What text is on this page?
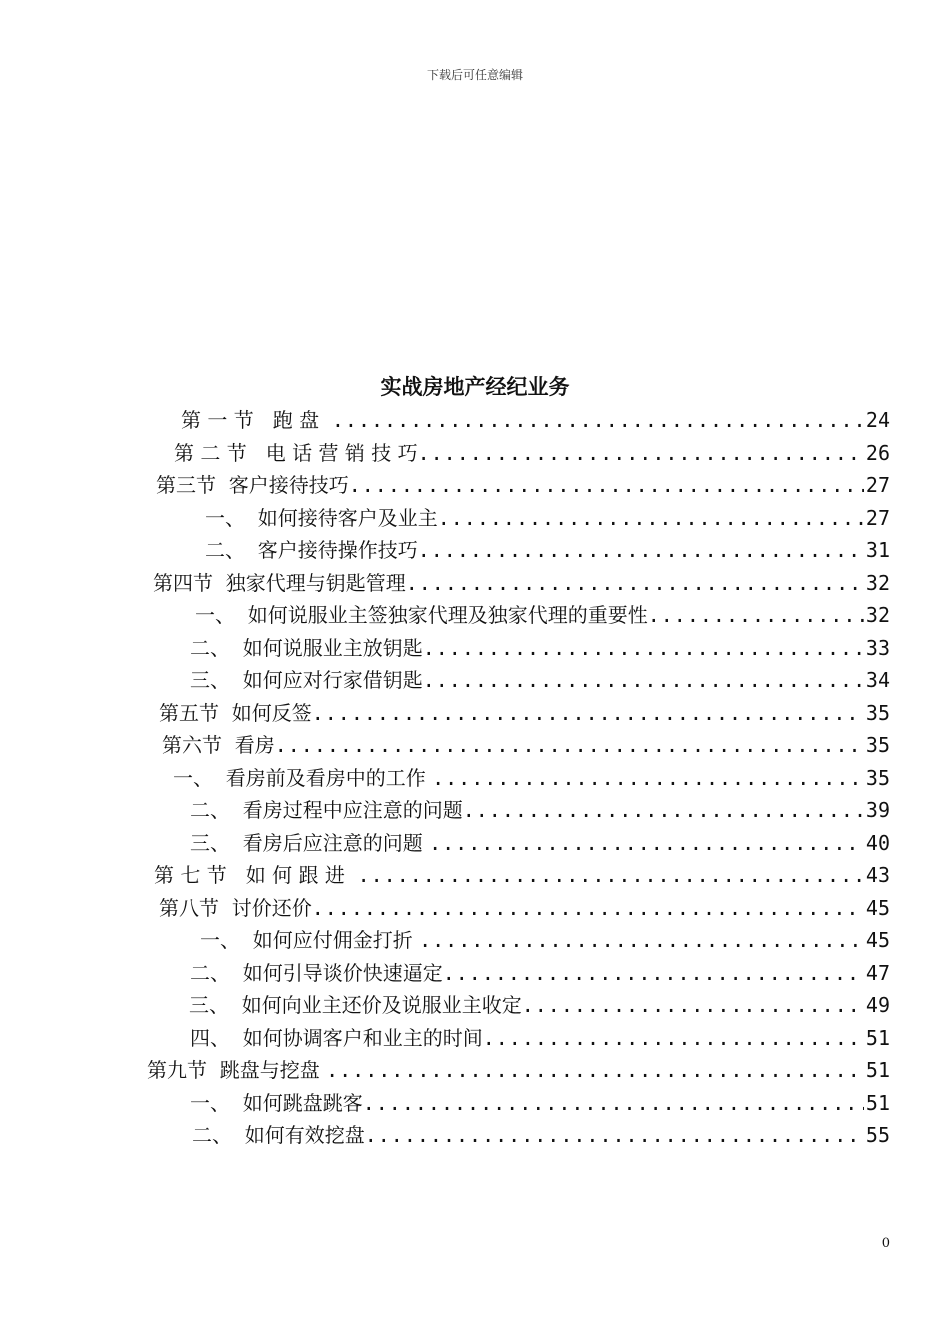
下载后可任意编辑
实战房地产经纪业务
第 一 节   跑 盘 .....	24
第 二 节   电 话 营 销 技 巧 .....	26
第三节  客户接待技巧 .....	27
一、  如何接待客户及业主 .....	27
二、  客户接待操作技巧 .....	31
第四节  独家代理与钥匙管理 .....	32
一、  如何说服业主签独家代理及独家代理的重要性 .....	32
二、  如何说服业主放钥匙 .....	33
三、  如何应对行家借钥匙 .....	34
第五节  如何反签 .....	35
第六节  看房 .....	35
一、  看房前及看房中的工作 .....	35
二、  看房过程中应注意的问题 .....	39
三、  看房后应注意的问题 .....	40
第 七 节   如 何 跟 进 .....	43
第八节  讨价还价 .....	45
一、  如何应付佣金打折 .....	45
二、  如何引导谈价快速逼定 .....	47
三、  如何向业主还价及说服业主收定 .....	49
四、  如何协调客户和业主的时间 .....	51
第九节  跳盘与挖盘 .....	51
一、  如何跳盘跳客 .....	51
二、  如何有效挖盘 .....	55
0
